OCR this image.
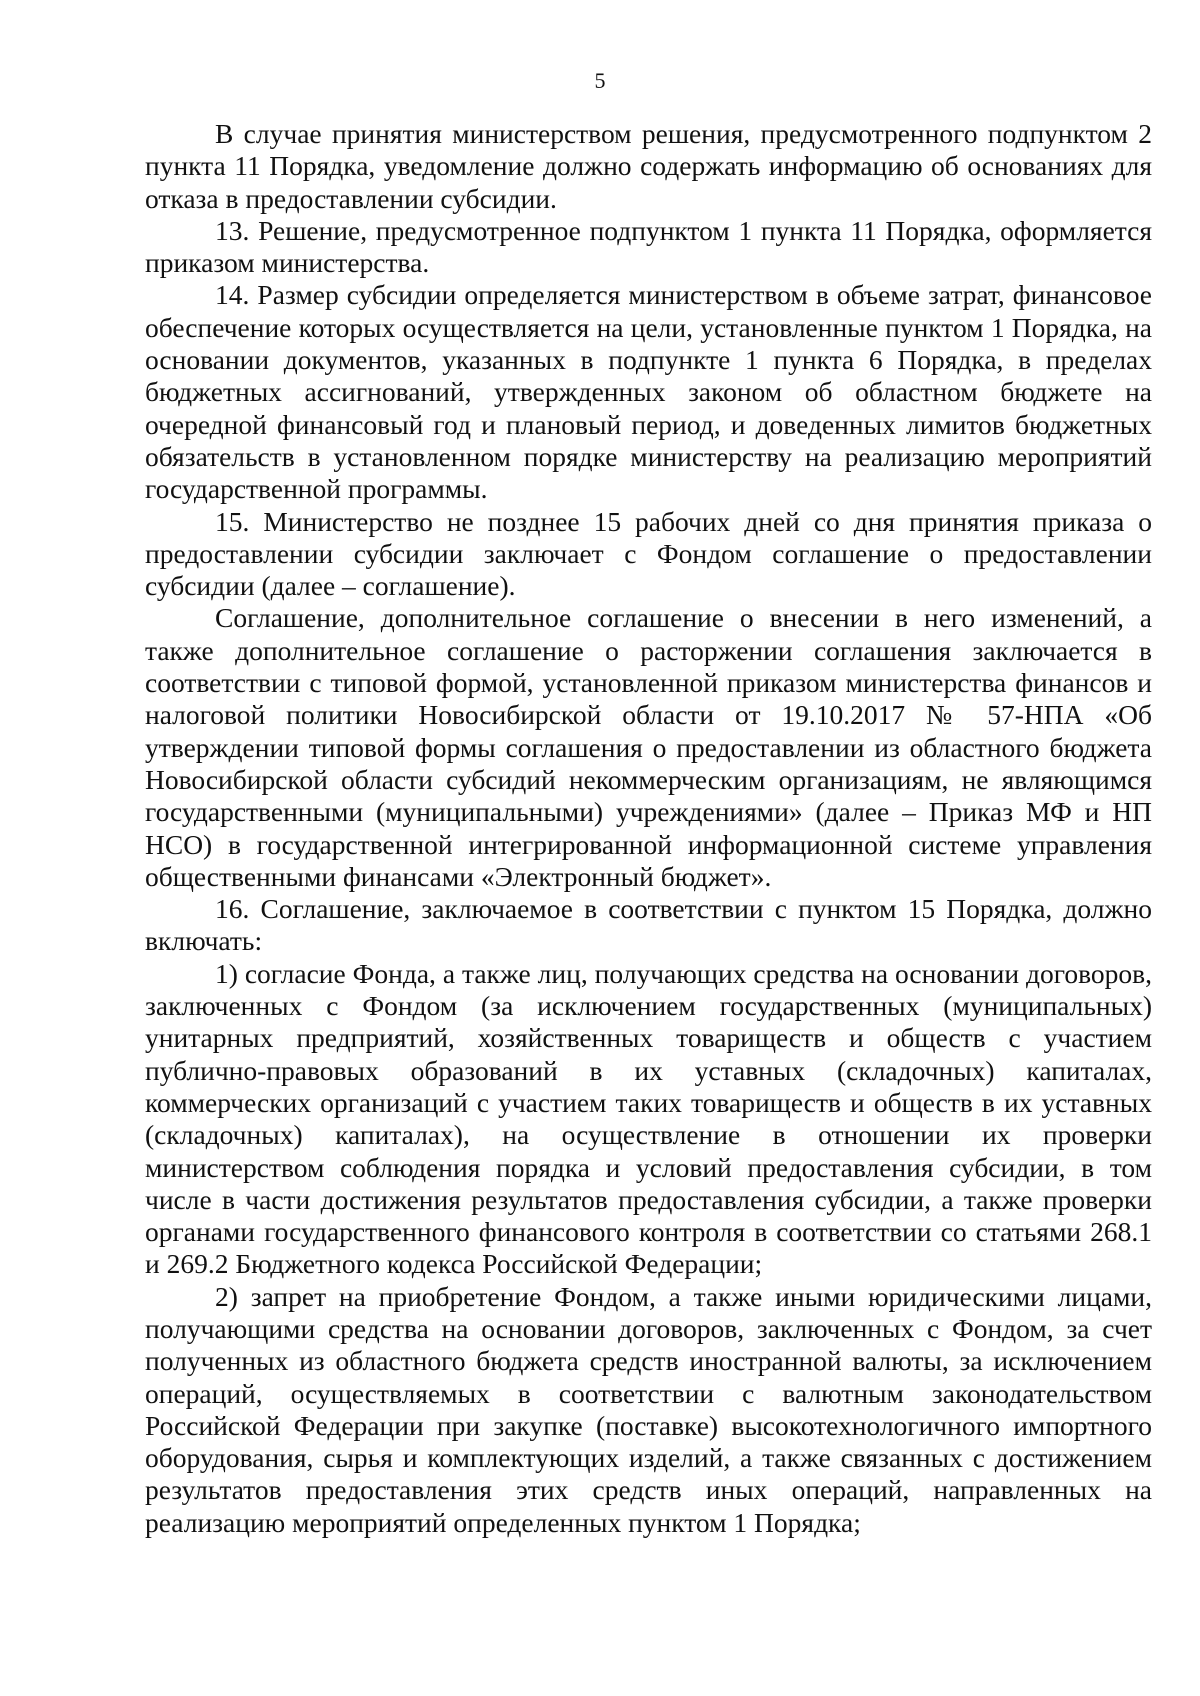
5

В случае принятия министерством решения, предусмотренного подпунктом 2 пункта 11 Порядка, уведомление должно содержать информацию об основаниях для отказа в предоставлении субсидии.

13. Решение, предусмотренное подпунктом 1 пункта 11 Порядка, оформляется приказом министерства.

14. Размер субсидии определяется министерством в объеме затрат, финансовое обеспечение которых осуществляется на цели, установленные пунктом 1 Порядка, на основании документов, указанных в подпункте 1 пункта 6 Порядка, в пределах бюджетных ассигнований, утвержденных законом об областном бюджете на очередной финансовый год и плановый период, и доведенных лимитов бюджетных обязательств в установленном порядке министерству на реализацию мероприятий государственной программы.

15. Министерство не позднее 15 рабочих дней со дня принятия приказа о предоставлении субсидии заключает с Фондом соглашение о предоставлении субсидии (далее – соглашение).

Соглашение, дополнительное соглашение о внесении в него изменений, а также дополнительное соглашение о расторжении соглашения заключается в соответствии с типовой формой, установленной приказом министерства финансов и налоговой политики Новосибирской области от 19.10.2017 № 57-НПА «Об утверждении типовой формы соглашения о предоставлении из областного бюджета Новосибирской области субсидий некоммерческим организациям, не являющимся государственными (муниципальными) учреждениями» (далее – Приказ МФ и НП НСО) в государственной интегрированной информационной системе управления общественными финансами «Электронный бюджет».

16. Соглашение, заключаемое в соответствии с пунктом 15 Порядка, должно включать:

1) согласие Фонда, а также лиц, получающих средства на основании договоров, заключенных с Фондом (за исключением государственных (муниципальных) унитарных предприятий, хозяйственных товариществ и обществ с участием публично-правовых образований в их уставных (складочных) капиталах, коммерческих организаций с участием таких товариществ и обществ в их уставных (складочных) капиталах), на осуществление в отношении их проверки министерством соблюдения порядка и условий предоставления субсидии, в том числе в части достижения результатов предоставления субсидии, а также проверки органами государственного финансового контроля в соответствии со статьями 268.1 и 269.2 Бюджетного кодекса Российской Федерации;

2) запрет на приобретение Фондом, а также иными юридическими лицами, получающими средства на основании договоров, заключенных с Фондом, за счет полученных из областного бюджета средств иностранной валюты, за исключением операций, осуществляемых в соответствии с валютным законодательством Российской Федерации при закупке (поставке) высокотехнологичного импортного оборудования, сырья и комплектующих изделий, а также связанных с достижением результатов предоставления этих средств иных операций, направленных на реализацию мероприятий определенных пунктом 1 Порядка;
